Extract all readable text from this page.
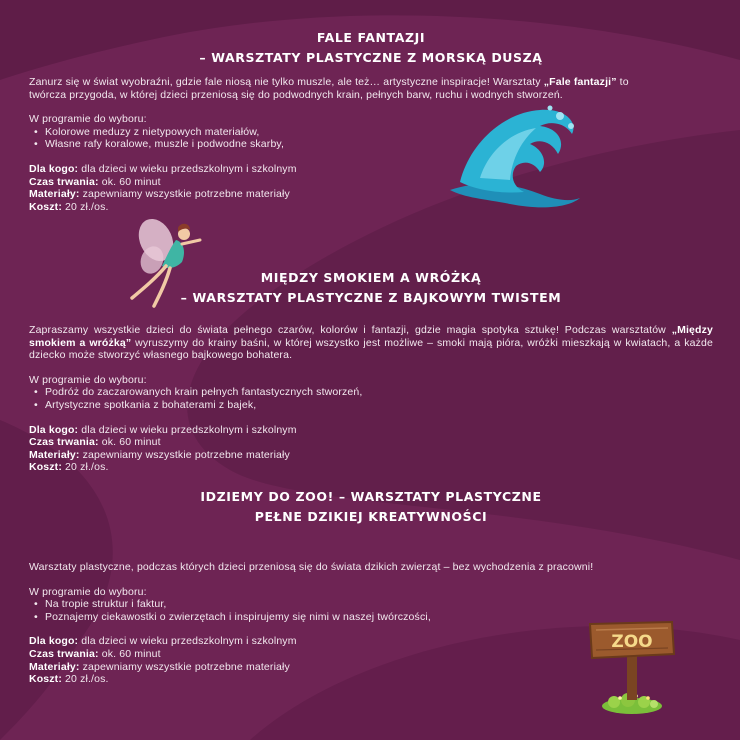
FALE FANTAZJI
– WARSZTATY PLASTYCZNE Z MORSKĄ DUSZĄ
Zanurz się w świat wyobraźni, gdzie fale niosą nie tylko muszle, ale też… artystyczne inspiracje! Warsztaty „Fale fantazji” to
twórcza przygoda, w której dzieci przeniosą się do podwodnych krain, pełnych barw, ruchu i wodnych stworzeń.
W programie do wyboru:
• Kolorowe meduzy z nietypowych materiałów,
• Własne rafy koralowe, muszle i podwodne skarby,
Dla kogo: dla dzieci w wieku przedszkolnym i szkolnym
Czas trwania: ok. 60 minut
Materiały: zapewniamy wszystkie potrzebne materiały
Koszt: 20 zł./os.
MIĘDZY SMOKIEM A WRÓŻKĄ
– WARSZTATY PLASTYCZNE Z BAJKOWYM TWISTEM
Zapraszamy wszystkie dzieci do świata pełnego czarów, kolorów i fantazji, gdzie magia spotyka sztukę! Podczas warsztatów „Między smokiem a wróżką” wyruszymy do krainy baśni, w której wszystko jest możliwe – smoki mają pióra, wróżki mieszkają w kwiatach, a każde dziecko może stworzyć własnego bajkowego bohatera.
W programie do wyboru:
• Podróż do zaczarowanych krain pełnych fantastycznych stworzeń,
• Artystyczne spotkania z bohaterami z bajek,
Dla kogo: dla dzieci w wieku przedszkolnym i szkolnym
Czas trwania: ok. 60 minut
Materiały: zapewniamy wszystkie potrzebne materiały
Koszt: 20 zł./os.
IDZIEMY DO ZOO! – WARSZTATY PLASTYCZNE
PEŁNE DZIKIEJ KREATYWNOŚCI
Warsztaty plastyczne, podczas których dzieci przeniosą się do świata dzikich zwierząt – bez wychodzenia z pracowni!
W programie do wyboru:
• Na tropie struktur i faktur,
• Poznajemy ciekawostki o zwierzętach i inspirujemy się nimi w naszej twórczości,
Dla kogo: dla dzieci w wieku przedszkolnym i szkolnym
Czas trwania: ok. 60 minut
Materiały: zapewniamy wszystkie potrzebne materiały
Koszt: 20 zł./os.
ZOO
